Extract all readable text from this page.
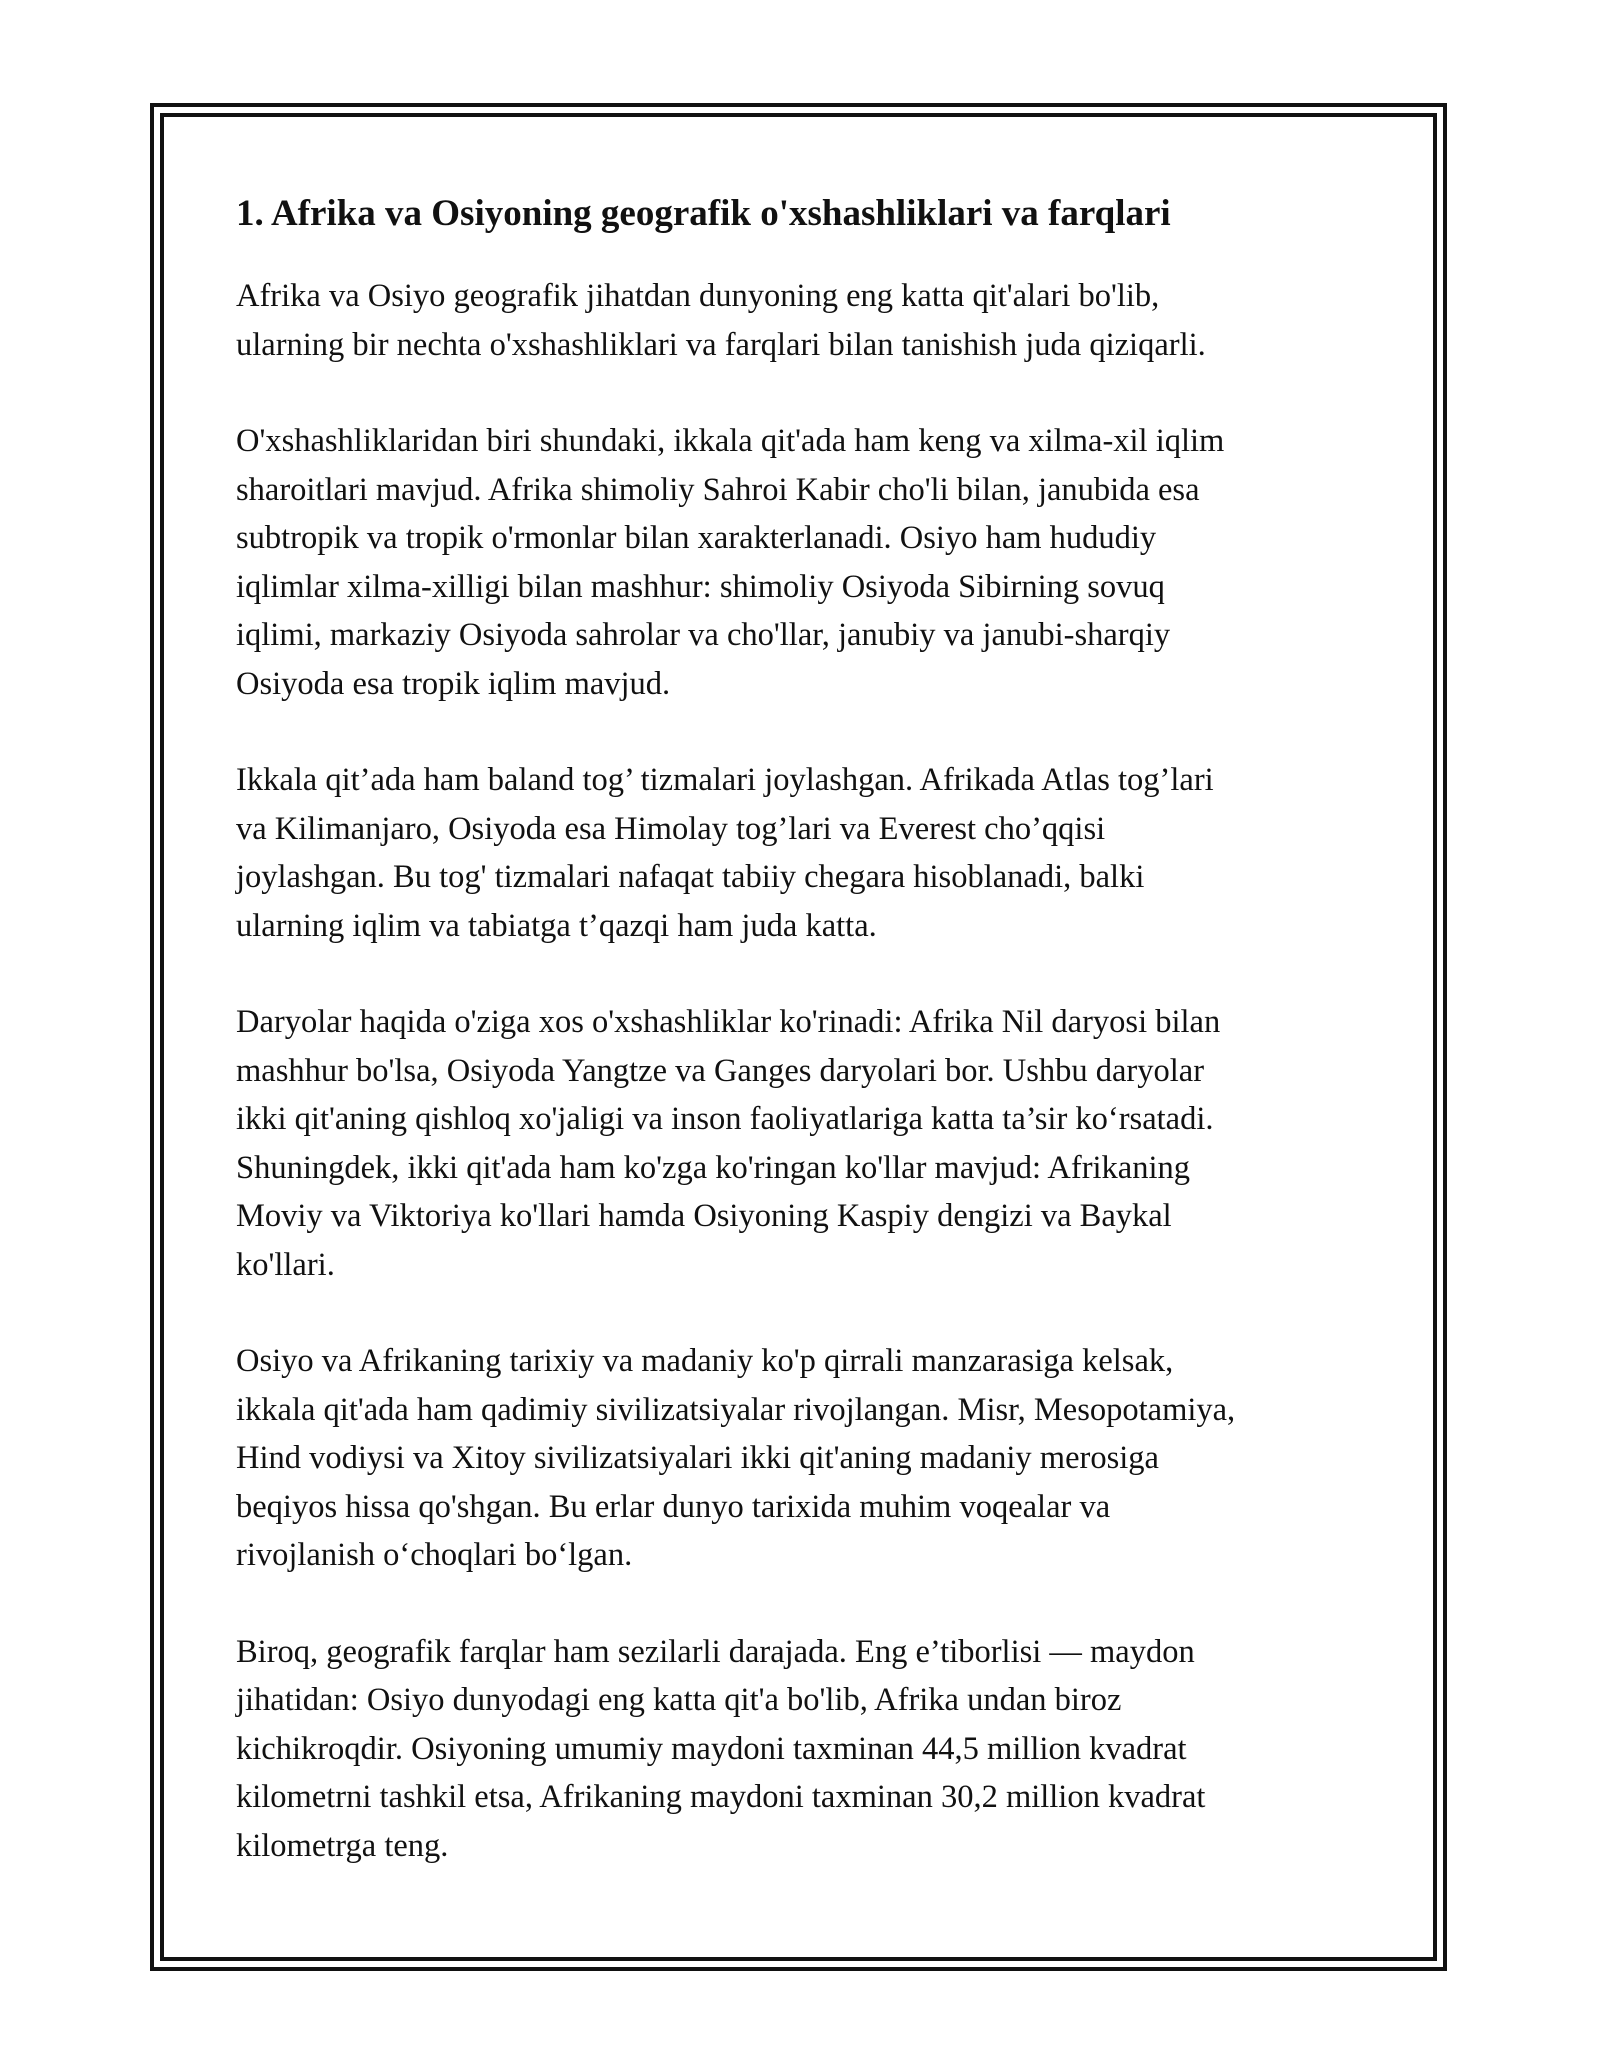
1. Afrika va Osiyoning geografik o'xshashliklari va farqlari

Afrika va Osiyo geografik jihatdan dunyoning eng katta qit'alari bo'lib,
ularning bir nechta o'xshashliklari va farqlari bilan tanishish juda qiziqarli.

O'xshashliklaridan biri shundaki, ikkala qit'ada ham keng va xilma-xil iqlim
sharoitlari mavjud. Afrika shimoliy Sahroi Kabir cho'li bilan, janubida esa
subtropik va tropik o'rmonlar bilan xarakterlanadi. Osiyo ham hududiy
iqlimlar xilma-xilligi bilan mashhur: shimoliy Osiyoda Sibirning sovuq
iqlimi, markaziy Osiyoda sahrolar va cho'llar, janubiy va janubi-sharqiy
Osiyoda esa tropik iqlim mavjud.

Ikkala qit’ada ham baland tog’ tizmalari joylashgan. Afrikada Atlas tog’lari
va Kilimanjaro, Osiyoda esa Himolay tog’lari va Everest cho’qqisi
joylashgan. Bu tog' tizmalari nafaqat tabiiy chegara hisoblanadi, balki
ularning iqlim va tabiatga t’qazqi ham juda katta.

Daryolar haqida o'ziga xos o'xshashliklar ko'rinadi: Afrika Nil daryosi bilan
mashhur bo'lsa, Osiyoda Yangtze va Ganges daryolari bor. Ushbu daryolar
ikki qit'aning qishloq xo'jaligi va inson faoliyatlariga katta ta’sir ko‘rsatadi.
Shuningdek, ikki qit'ada ham ko'zga ko'ringan ko'llar mavjud: Afrikaning
Moviy va Viktoriya ko'llari hamda Osiyoning Kaspiy dengizi va Baykal
ko'llari.

Osiyo va Afrikaning tarixiy va madaniy ko'p qirrali manzarasiga kelsak,
ikkala qit'ada ham qadimiy sivilizatsiyalar rivojlangan. Misr, Mesopotamiya,
Hind vodiysi va Xitoy sivilizatsiyalari ikki qit'aning madaniy merosiga
beqiyos hissa qo'shgan. Bu erlar dunyo tarixida muhim voqealar va
rivojlanish o‘choqlari bo‘lgan.

Biroq, geografik farqlar ham sezilarli darajada. Eng e’tiborlisi — maydon
jihatidan: Osiyo dunyodagi eng katta qit'a bo'lib, Afrika undan biroz
kichikroqdir. Osiyoning umumiy maydoni taxminan 44,5 million kvadrat
kilometrni tashkil etsa, Afrikaning maydoni taxminan 30,2 million kvadrat
kilometrga teng.
